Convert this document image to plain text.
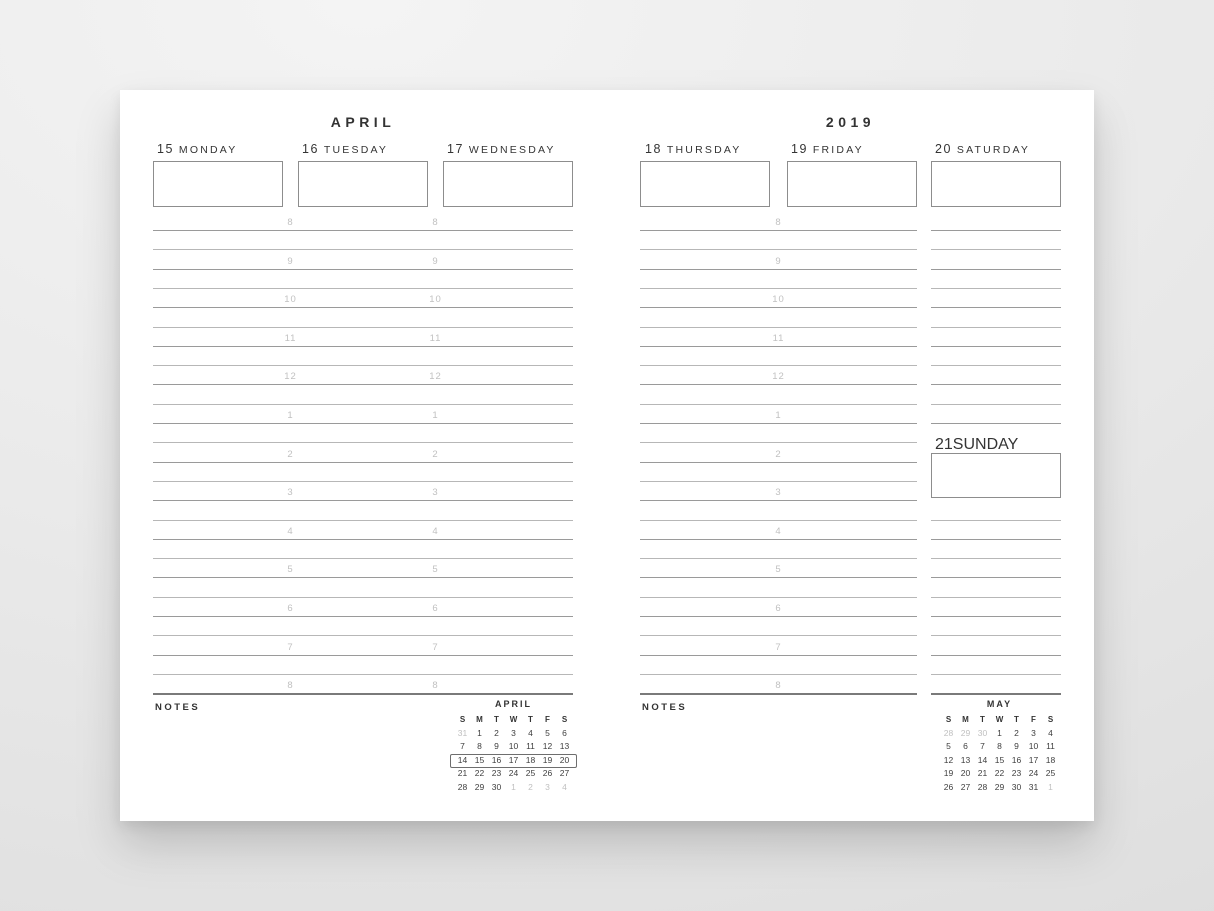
APRIL	2019
15 MONDAY	16 TUESDAY	17 WEDNESDAY	18 THURSDAY	19 FRIDAY	20 SATURDAY
21SUNDAY
8	8
9	9
10	10
11	11
12	12
1	1
2	2
3	3
4	4
5	5
6	6
7	7
8	8
8
9
10
11
12
1
2
3
4
5
6
7
8
NOTES	NOTES
APRIL
S M T W T F S
31 1 2 3 4 5 6
7 8 9 10 11 12 13
14 15 16 17 18 19 20
21 22 23 24 25 26 27
28 29 30 1 2 3 4
MAY
S M T W T F S
28 29 30 1 2 3 4
5 6 7 8 9 10 11
12 13 14 15 16 17 18
19 20 21 22 23 24 25
26 27 28 29 30 31 1
